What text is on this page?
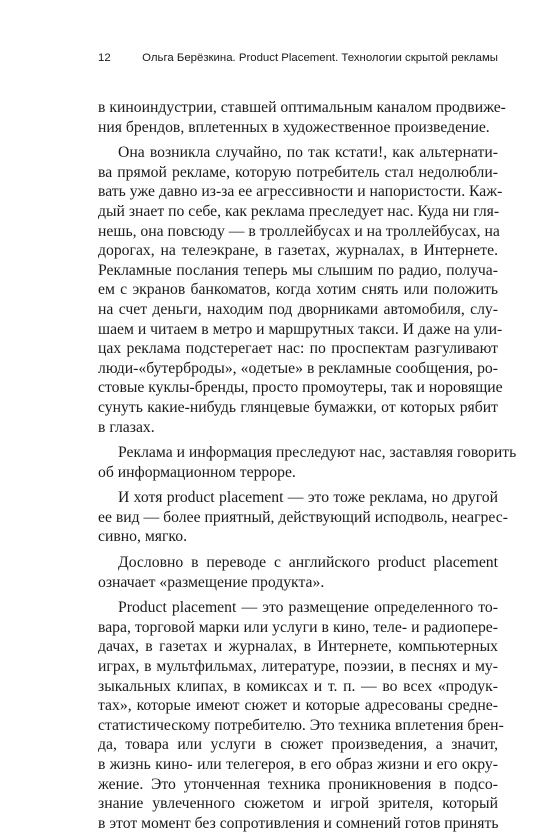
12	Ольга Берёзкина. Product Placement. Технологии скрытой рекламы
в киноиндустрии, ставшей оптимальным каналом продвиже-
ния брендов, вплетенных в художественное произведение.
Она возникла случайно, по так кстати!, как альтернати-
ва прямой рекламе, которую потребитель стал недолюбли-
вать уже давно из-за ее агрессивности и напористости. Каж-
дый знает по себе, как реклама преследует нас. Куда ни гля-
нешь, она повсюду — в троллейбусах и на троллейбусах, на
дорогах, на телеэкране, в газетах, журналах, в Интернете.
Рекламные послания теперь мы слышим по радио, получа-
ем с экранов банкоматов, когда хотим снять или положить
на счет деньги, находим под дворниками автомобиля, слу-
шаем и читаем в метро и маршрутных такси. И даже на ули-
цах реклама подстерегает нас: по проспектам разгуливают
люди-«бутерброды», «одетые» в рекламные сообщения, ро-
стовые куклы-бренды, просто промоутеры, так и норовящие
сунуть какие-нибудь глянцевые бумажки, от которых рябит
в глазах.
Реклама и информация преследуют нас, заставляя говорить
об информационном терроре.
И хотя product placement — это тоже реклама, но другой
ее вид — более приятный, действующий исподволь, неагрес-
сивно, мягко.
Дословно в переводе с английского product placement
означает «размещение продукта».
Product placement — это размещение определенного то-
вара, торговой марки или услуги в кино, теле- и радиопере-
дачах, в газетах и журналах, в Интернете, компьютерных
играх, в мультфильмах, литературе, поэзии, в песнях и му-
зыкальных клипах, в комиксах и т. п. — во всех «продук-
тах», которые имеют сюжет и которые адресованы средне-
статистическому потребителю. Это техника вплетения брен-
да, товара или услуги в сюжет произведения, а значит,
в жизнь кино- или телегероя, в его образ жизни и его окру-
жение. Это утонченная техника проникновения в подсо-
знание увлеченного сюжетом и игрой зрителя, который
в этот момент без сопротивления и сомнений готов принять
